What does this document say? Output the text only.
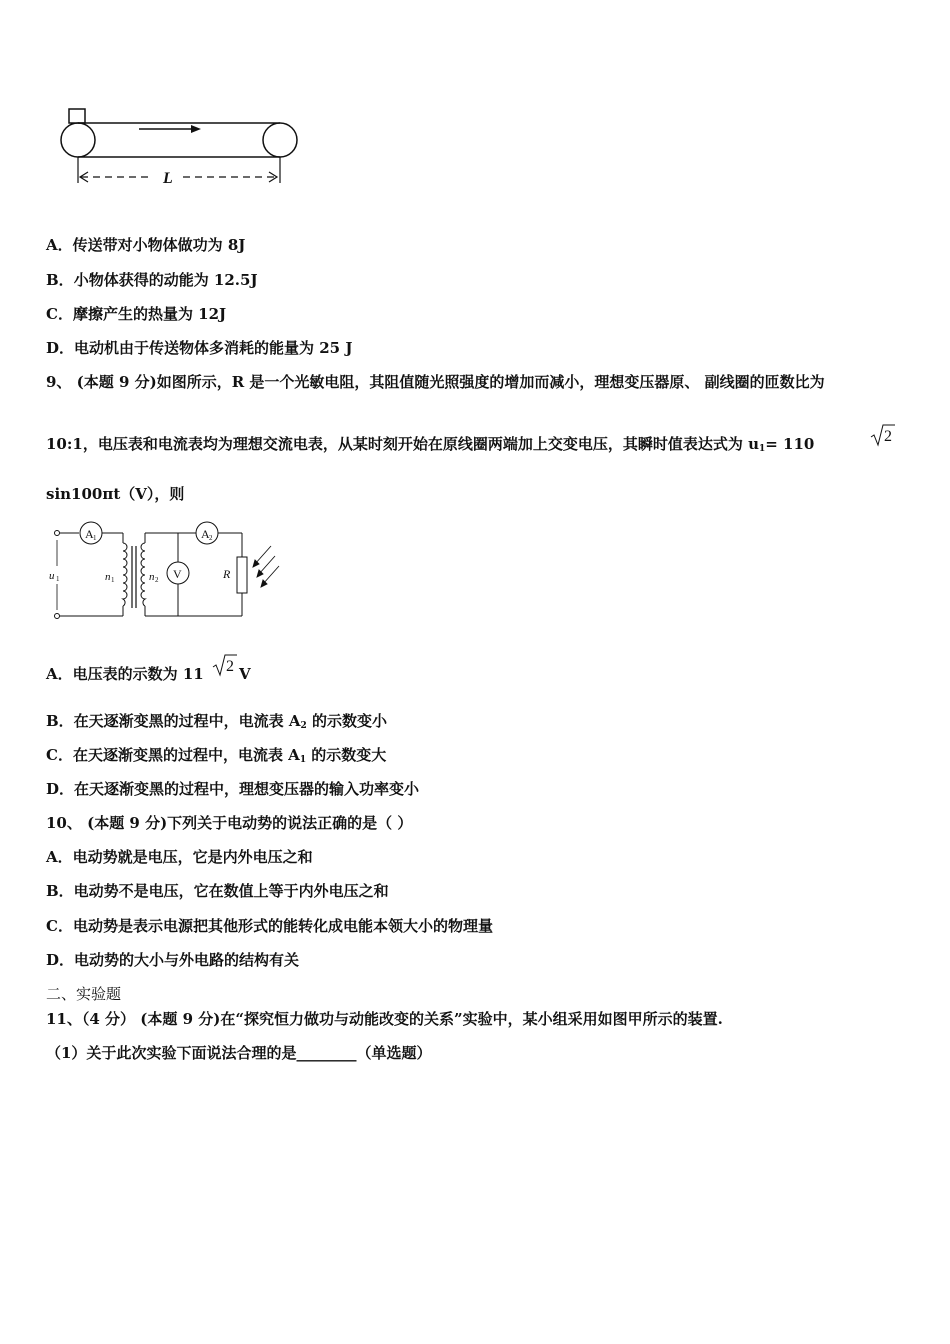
L
A．传送带对小物体做功为 8J
B．小物体获得的动能为 12.5J
C．摩擦产生的热量为 12J
D．电动机由于传送物体多消耗的能量为 25 J
9、 (本题 9 分)如图所示，R 是一个光敏电阻，其阻值随光照强度的增加而减小，理想变压器原、 副线圈的匝数比为
10:1，电压表和电流表均为理想交流电表，从某时刻开始在原线圈两端加上交变电压，其瞬时值表达式为 $u_1= 110$	2
sin100πt（V），则
A 1
u 1	n 1	n 2
A 2
V	R
A．电压表的示数为 11 V
2
B．在天逐渐变黑的过程中，电流表 $A_2$ 的示数变小
C．在天逐渐变黑的过程中，电流表 $A_1$ 的示数变大
D．在天逐渐变黑的过程中，理想变压器的输入功率变小
10、 (本题 9 分)下列关于电动势的说法正确的是（ ）
A．电动势就是电压，它是内外电压之和
B．电动势不是电压，它在数值上等于内外电压之和
C．电动势是表示电源把其他形式的能转化成电能本领大小的物理量
D．电动势的大小与外电路的结构有关
二、实验题
11、（4 分） (本题 9 分)在“探究恒力做功与动能改变的关系”实验中，某小组采用如图甲所示的装置.
（1）关于此次实验下面说法合理的是________（单选题）
